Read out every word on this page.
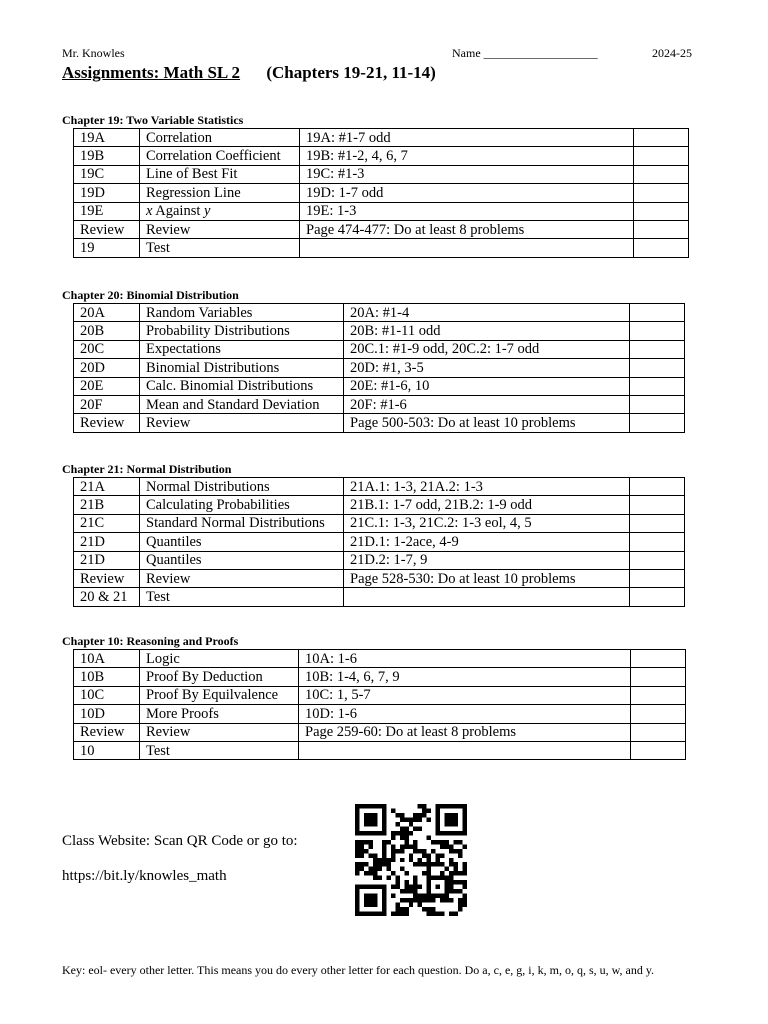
Mr. Knowles	Name ___________________	2024-25
Assignments: Math SL 2 (Chapters 19-21, 11-14)
Chapter 19: Two Variable Statistics
19A	Correlation	19A: #1-7 odd	
19B	Correlation Coefficient	19B: #1-2, 4, 6, 7	
19C	Line of Best Fit	19C: #1-3	
19D	Regression Line	19D: 1-7 odd	
19E	x Against y	19E: 1-3	
Review	Review	Page 474-477: Do at least 8 problems	
19	Test		
Chapter 20: Binomial Distribution
20A	Random Variables	20A: #1-4	
20B	Probability Distributions	20B: #1-11 odd	
20C	Expectations	20C.1: #1-9 odd, 20C.2: 1-7 odd	
20D	Binomial Distributions	20D: #1, 3-5	
20E	Calc. Binomial Distributions	20E: #1-6, 10	
20F	Mean and Standard Deviation	20F: #1-6	
Review	Review	Page 500-503: Do at least 10 problems	
Chapter 21: Normal Distribution
21A	Normal Distributions	21A.1: 1-3, 21A.2: 1-3	
21B	Calculating Probabilities	21B.1: 1-7 odd, 21B.2: 1-9 odd	
21C	Standard Normal Distributions	21C.1: 1-3, 21C.2: 1-3 eol, 4, 5	
21D	Quantiles	21D.1: 1-2ace, 4-9	
21D	Quantiles	21D.2: 1-7, 9	
Review	Review	Page 528-530: Do at least 10 problems	
20 & 21	Test		
Chapter 10: Reasoning and Proofs
10A	Logic	10A: 1-6	
10B	Proof By Deduction	10B: 1-4, 6, 7, 9	
10C	Proof By Equilvalence	10C: 1, 5-7	
10D	More Proofs	10D: 1-6	
Review	Review	Page 259-60: Do at least 8 problems	
10	Test		
Class Website: Scan QR Code or go to:
https://bit.ly/knowles_math
Key: eol- every other letter. This means you do every other letter for each question. Do a, c, e, g, i, k, m, o, q, s, u, w, and y.
